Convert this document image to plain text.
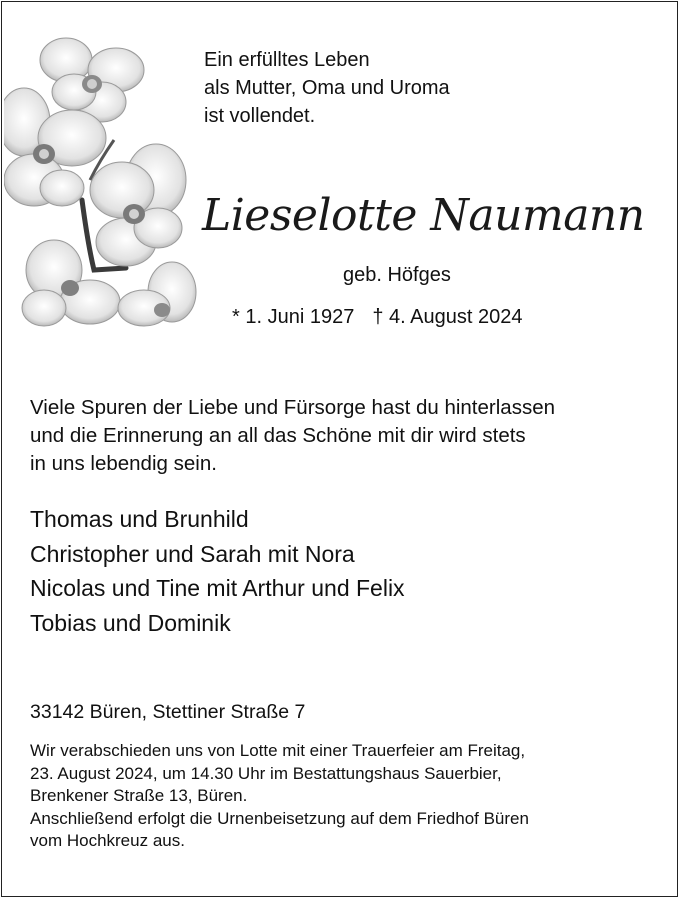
Ein erfülltes Leben
als Mutter, Oma und Uroma
ist vollendet.
Lieselotte Naumann
geb. Höfges
* 1. Juni 1927 † 4. August 2024
Viele Spuren der Liebe und Fürsorge hast du hinterlassen
und die Erinnerung an all das Schöne mit dir wird stets
in uns lebendig sein.
Thomas und Brunhild
Christopher und Sarah mit Nora
Nicolas und Tine mit Arthur und Felix
Tobias und Dominik
33142 Büren, Stettiner Straße 7
Wir verabschieden uns von Lotte mit einer Trauerfeier am Freitag,
23. August 2024, um 14.30 Uhr im Bestattungshaus Sauerbier,
Brenkener Straße 13, Büren.
Anschließend erfolgt die Urnenbeisetzung auf dem Friedhof Büren
vom Hochkreuz aus.
